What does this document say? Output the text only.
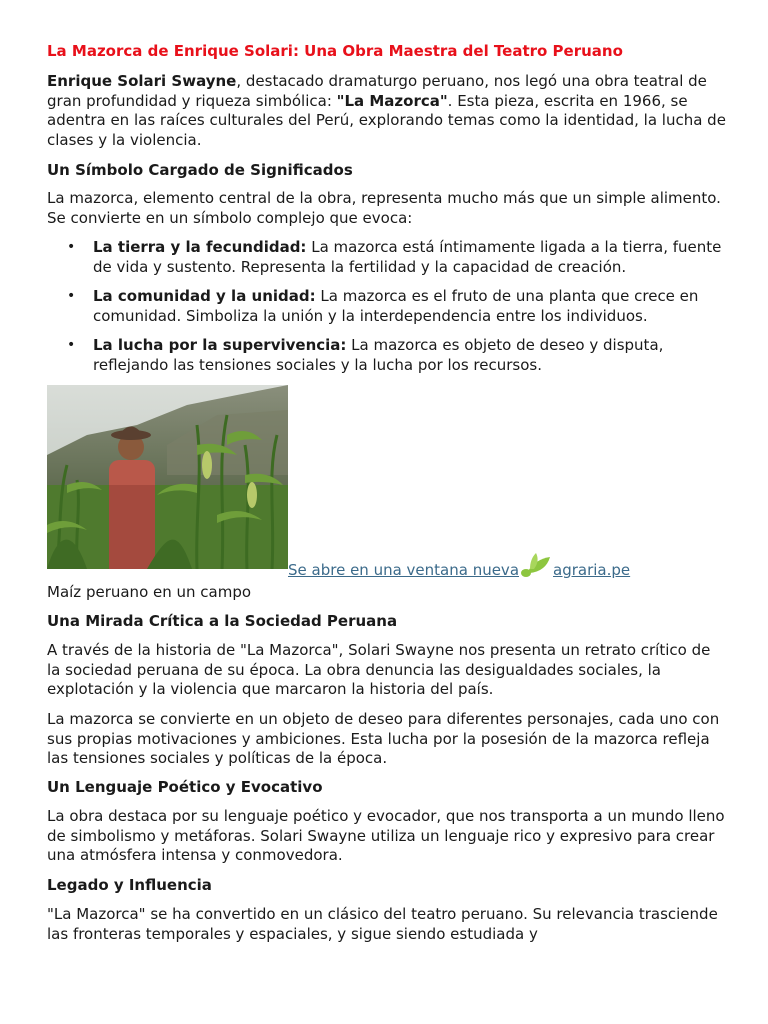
La Mazorca de Enrique Solari: Una Obra Maestra del Teatro Peruano

Enrique Solari Swayne, destacado dramaturgo peruano, nos legó una obra teatral de gran profundidad y riqueza simbólica: "La Mazorca". Esta pieza, escrita en 1966, se adentra en las raíces culturales del Perú, explorando temas como la identidad, la lucha de clases y la violencia.

Un Símbolo Cargado de Significados

La mazorca, elemento central de la obra, representa mucho más que un simple alimento. Se convierte en un símbolo complejo que evoca:

• La tierra y la fecundidad: La mazorca está íntimamente ligada a la tierra, fuente de vida y sustento. Representa la fertilidad y la capacidad de creación.
• La comunidad y la unidad: La mazorca es el fruto de una planta que crece en comunidad. Simboliza la unión y la interdependencia entre los individuos.
• La lucha por la supervivencia: La mazorca es objeto de deseo y disputa, reflejando las tensiones sociales y la lucha por los recursos.
Se abre en una ventana nueva agraria.pe

Maíz peruano en un campo

Una Mirada Crítica a la Sociedad Peruana

A través de la historia de "La Mazorca", Solari Swayne nos presenta un retrato crítico de la sociedad peruana de su época. La obra denuncia las desigualdades sociales, la explotación y la violencia que marcaron la historia del país.

La mazorca se convierte en un objeto de deseo para diferentes personajes, cada uno con sus propias motivaciones y ambiciones. Esta lucha por la posesión de la mazorca refleja las tensiones sociales y políticas de la época.

Un Lenguaje Poético y Evocativo

La obra destaca por su lenguaje poético y evocador, que nos transporta a un mundo lleno de simbolismo y metáforas. Solari Swayne utiliza un lenguaje rico y expresivo para crear una atmósfera intensa y conmovedora.

Legado y Influencia

"La Mazorca" se ha convertido en un clásico del teatro peruano. Su relevancia trasciende las fronteras temporales y espaciales, y sigue siendo estudiada y
